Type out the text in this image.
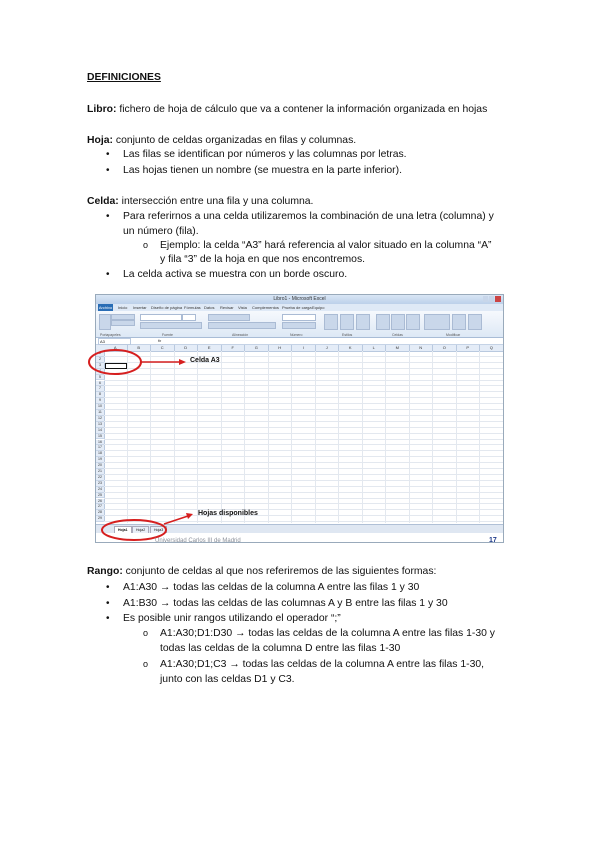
DEFINICIONES
Libro: fichero de hoja de cálculo que va a contener la información organizada en hojas
Hoja: conjunto de celdas organizadas en filas y columnas.
• Las filas se identifican por números y las columnas por letras.
• Las hojas tienen un nombre (se muestra en la parte inferior).
Celda: intersección entre una fila y una columna.
• Para referirnos a una celda utilizaremos la combinación de una letra (columna) y
un número (fila).
o Ejemplo: la celda “A3” hará referencia al valor situado en la columna “A”
y fila “3” de la hoja en que nos encontremos.
• La celda activa se muestra con un borde oscuro.
Libro1 - Microsoft Excel
Archivo Inicio Insertar Diseño de página Fórmulas Datos Revisar Vista Complementos Prueba de carga Equipo
Portapapeles	Fuente	Alineación	Número	Estilos	Celdas	Modificar
A3	fx
A	B	C	D	E	F	G	H	I	J	K	L	M	N	O	P	Q
1
2
3
4
5
6
7
8
9
10
11
12
13
14
15
16
17
18
19
20
21
22
23
24
25
26
27
28
29
Hoja1	Hoja2	Hoja3
Celda A3
Hojas disponibles
Universidad Carlos III de Madrid	17
Rango: conjunto de celdas al que nos referiremos de las siguientes formas:
• A1:A30 → todas las celdas de la columna A entre las filas 1 y 30
• A1:B30 → todas las celdas de las columnas A y B entre las filas 1 y 30
• Es posible unir rangos utilizando el operador “;”
o A1:A30;D1:D30 → todas las celdas de la columna A entre las filas 1-30 y
todas las celdas de la columna D entre las filas 1-30
o A1:A30;D1;C3 → todas las celdas de la columna A entre las filas 1-30,
junto con las celdas D1 y C3.
